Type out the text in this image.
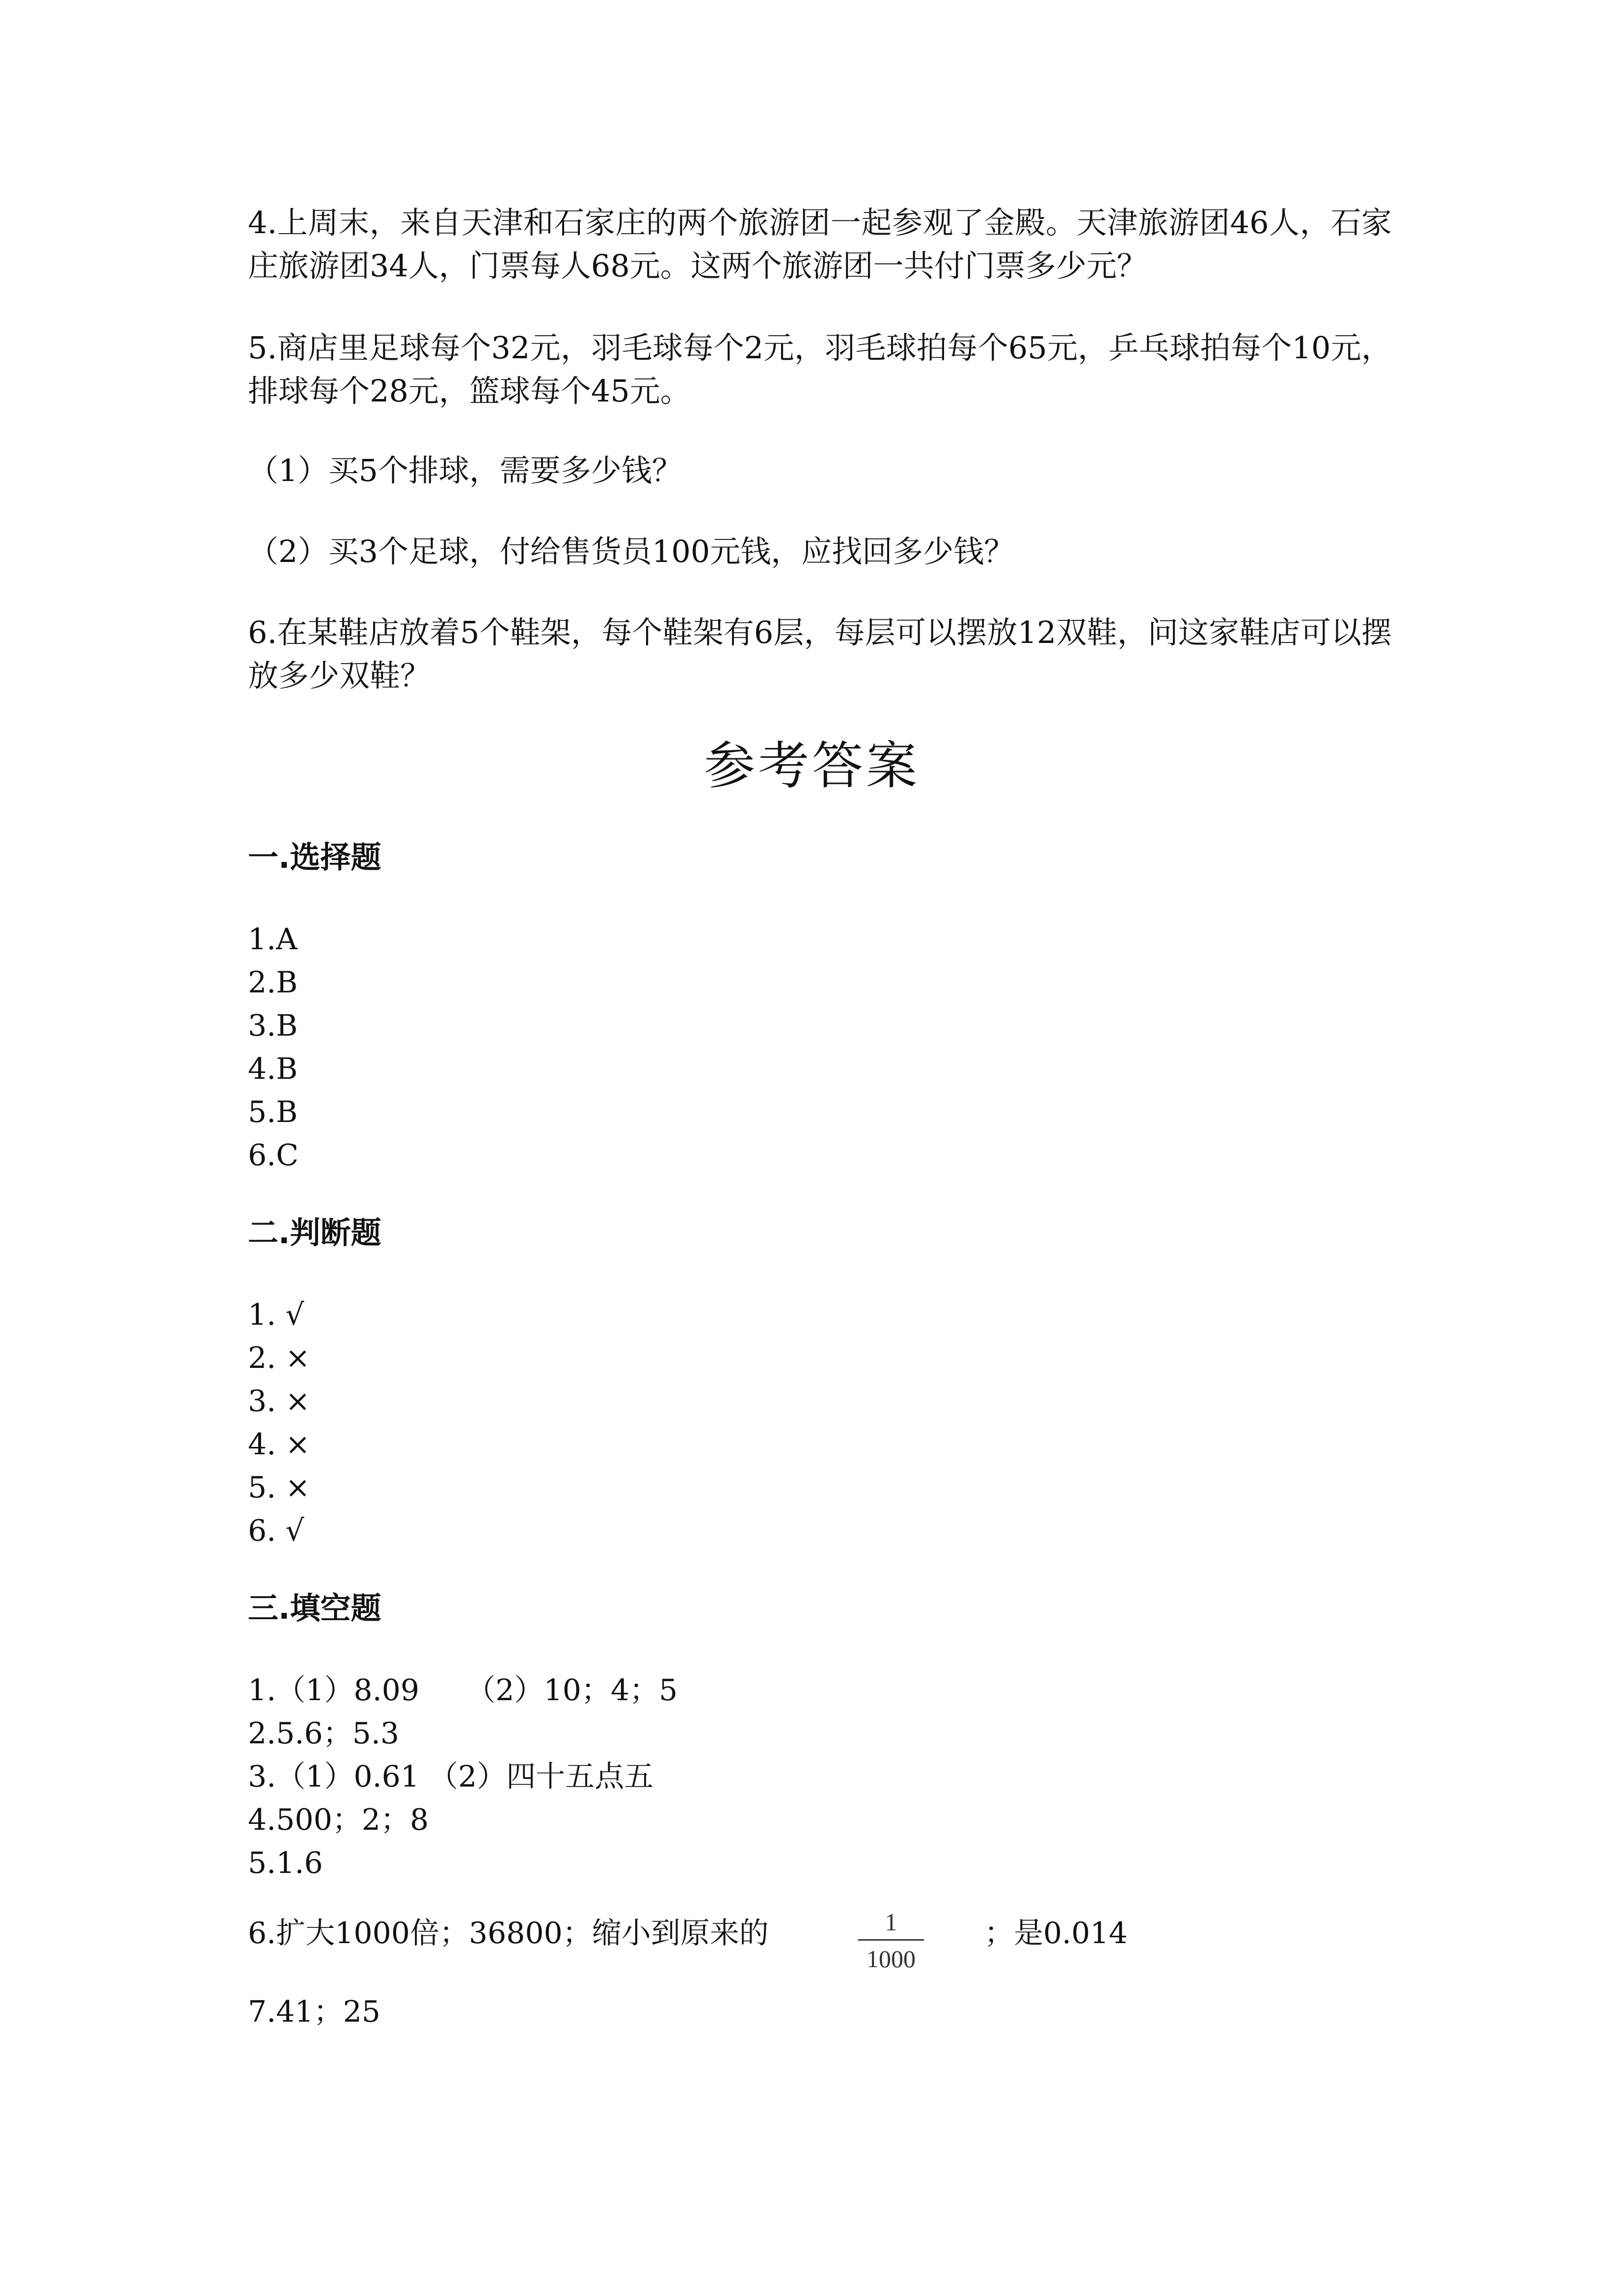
4.上周末，来自天津和石家庄的两个旅游团一起参观了金殿。天津旅游团46人，石家庄旅游团34人，门票每人68元。这两个旅游团一共付门票多少元？

5.商店里足球每个32元，羽毛球每个2元，羽毛球拍每个65元，乒乓球拍每个10元，排球每个28元，篮球每个45元。

（1）买5个排球，需要多少钱？

（2）买3个足球，付给售货员100元钱，应找回多少钱？

6.在某鞋店放着5个鞋架，每个鞋架有6层，每层可以摆放12双鞋，问这家鞋店可以摆放多少双鞋？

参考答案
一.选择题
1.A
2.B
3.B
4.B
5.B
6.C
二.判断题
1. √
2. ×
3. ×
4. ×
5. ×
6. √
三.填空题
1.（1）8.09     （2）10；4；5
2.5.6；5.3
3.（1）0.61 （2）四十五点五
4.500；2；8
5.1.6

6.扩大1000倍；36800；缩小到原来的	1
1000

；是0.014

7.41；25
